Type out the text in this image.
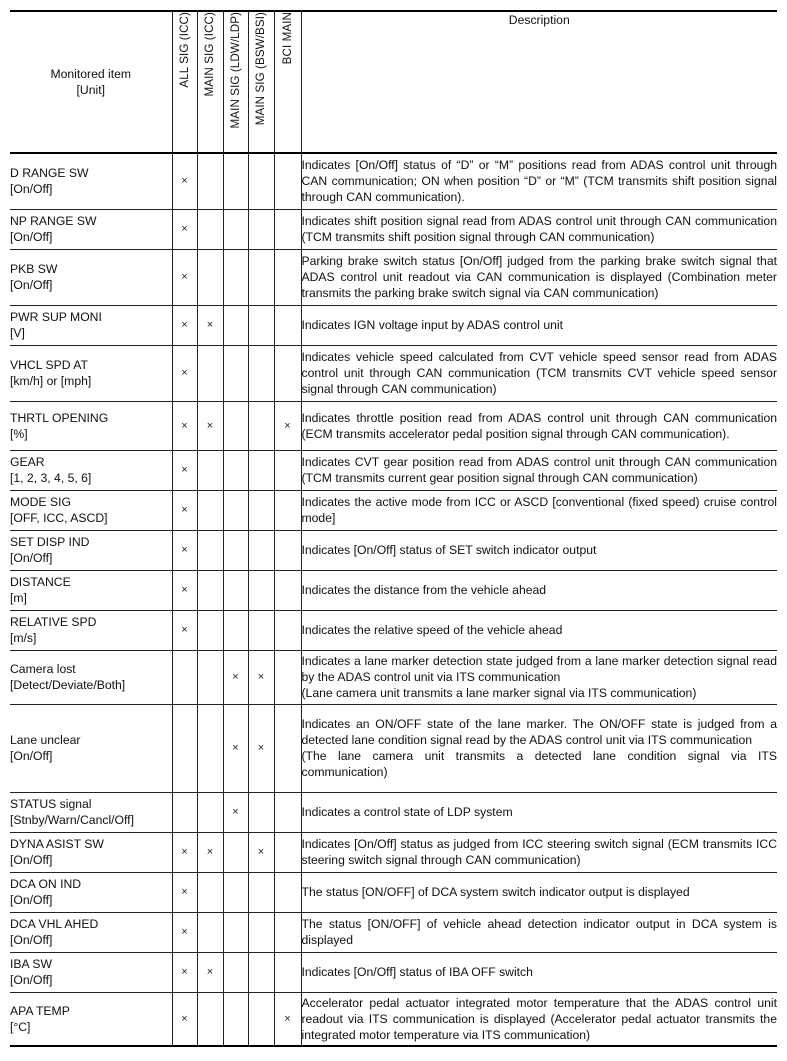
Monitored item
[Unit]	ALL SIG (ICC)	MAIN SIG (ICC)	MAIN SIG (LDW/LDP)	MAIN SIG (BSW/BSI)	BCI MAIN	Description

D RANGE SW
[On/Off]	×					Indicates [On/Off] status of “D” or “M” positions read from ADAS control unit through CAN communication; ON when position “D” or “M” (TCM transmits shift position signal through CAN communication).

NP RANGE SW
[On/Off]	×					Indicates shift position signal read from ADAS control unit through CAN communication (TCM transmits shift position signal through CAN communication)

PKB SW
[On/Off]	×					Parking brake switch status [On/Off] judged from the parking brake switch signal that ADAS control unit readout via CAN communication is displayed (Combination meter transmits the parking brake switch signal via CAN communication)

PWR SUP MONI
[V]	×	×				Indicates IGN voltage input by ADAS control unit

VHCL SPD AT
[km/h] or [mph]	×					Indicates vehicle speed calculated from CVT vehicle speed sensor read from ADAS control unit through CAN communication (TCM transmits CVT vehicle speed sensor signal through CAN communication)

THRTL OPENING
[%]	×	×			×	Indicates throttle position read from ADAS control unit through CAN communication (ECM transmits accelerator pedal position signal through CAN communication).

GEAR
[1, 2, 3, 4, 5, 6]	×					Indicates CVT gear position read from ADAS control unit through CAN communication (TCM transmits current gear position signal through CAN communication)

MODE SIG
[OFF, ICC, ASCD]	×					Indicates the active mode from ICC or ASCD [conventional (fixed speed) cruise control mode]

SET DISP IND
[On/Off]	×					Indicates [On/Off] status of SET switch indicator output

DISTANCE
[m]	×					Indicates the distance from the vehicle ahead

RELATIVE SPD
[m/s]	×					Indicates the relative speed of the vehicle ahead

Camera lost
[Detect/Deviate/Both]			×	×		Indicates a lane marker detection state judged from a lane marker detection signal read by the ADAS control unit via ITS communication
(Lane camera unit transmits a lane marker signal via ITS communication)

Lane unclear
[On/Off]			×	×		Indicates an ON/OFF state of the lane marker. The ON/OFF state is judged from a detected lane condition signal read by the ADAS control unit via ITS communication
(The lane camera unit transmits a detected lane condition signal via ITS communication)

STATUS signal
[Stnby/Warn/Cancl/Off]			×			Indicates a control state of LDP system

DYNA ASIST SW
[On/Off]	×	×		×		Indicates [On/Off] status as judged from ICC steering switch signal (ECM transmits ICC steering switch signal through CAN communication)

DCA ON IND
[On/Off]	×					The status [ON/OFF] of DCA system switch indicator output is displayed

DCA VHL AHED
[On/Off]	×					The status [ON/OFF] of vehicle ahead detection indicator output in DCA system is displayed

IBA SW
[On/Off]	×	×				Indicates [On/Off] status of IBA OFF switch

APA TEMP
[°C]	×				×	Accelerator pedal actuator integrated motor temperature that the ADAS control unit readout via ITS communication is displayed (Accelerator pedal actuator transmits the integrated motor temperature via ITS communication)
